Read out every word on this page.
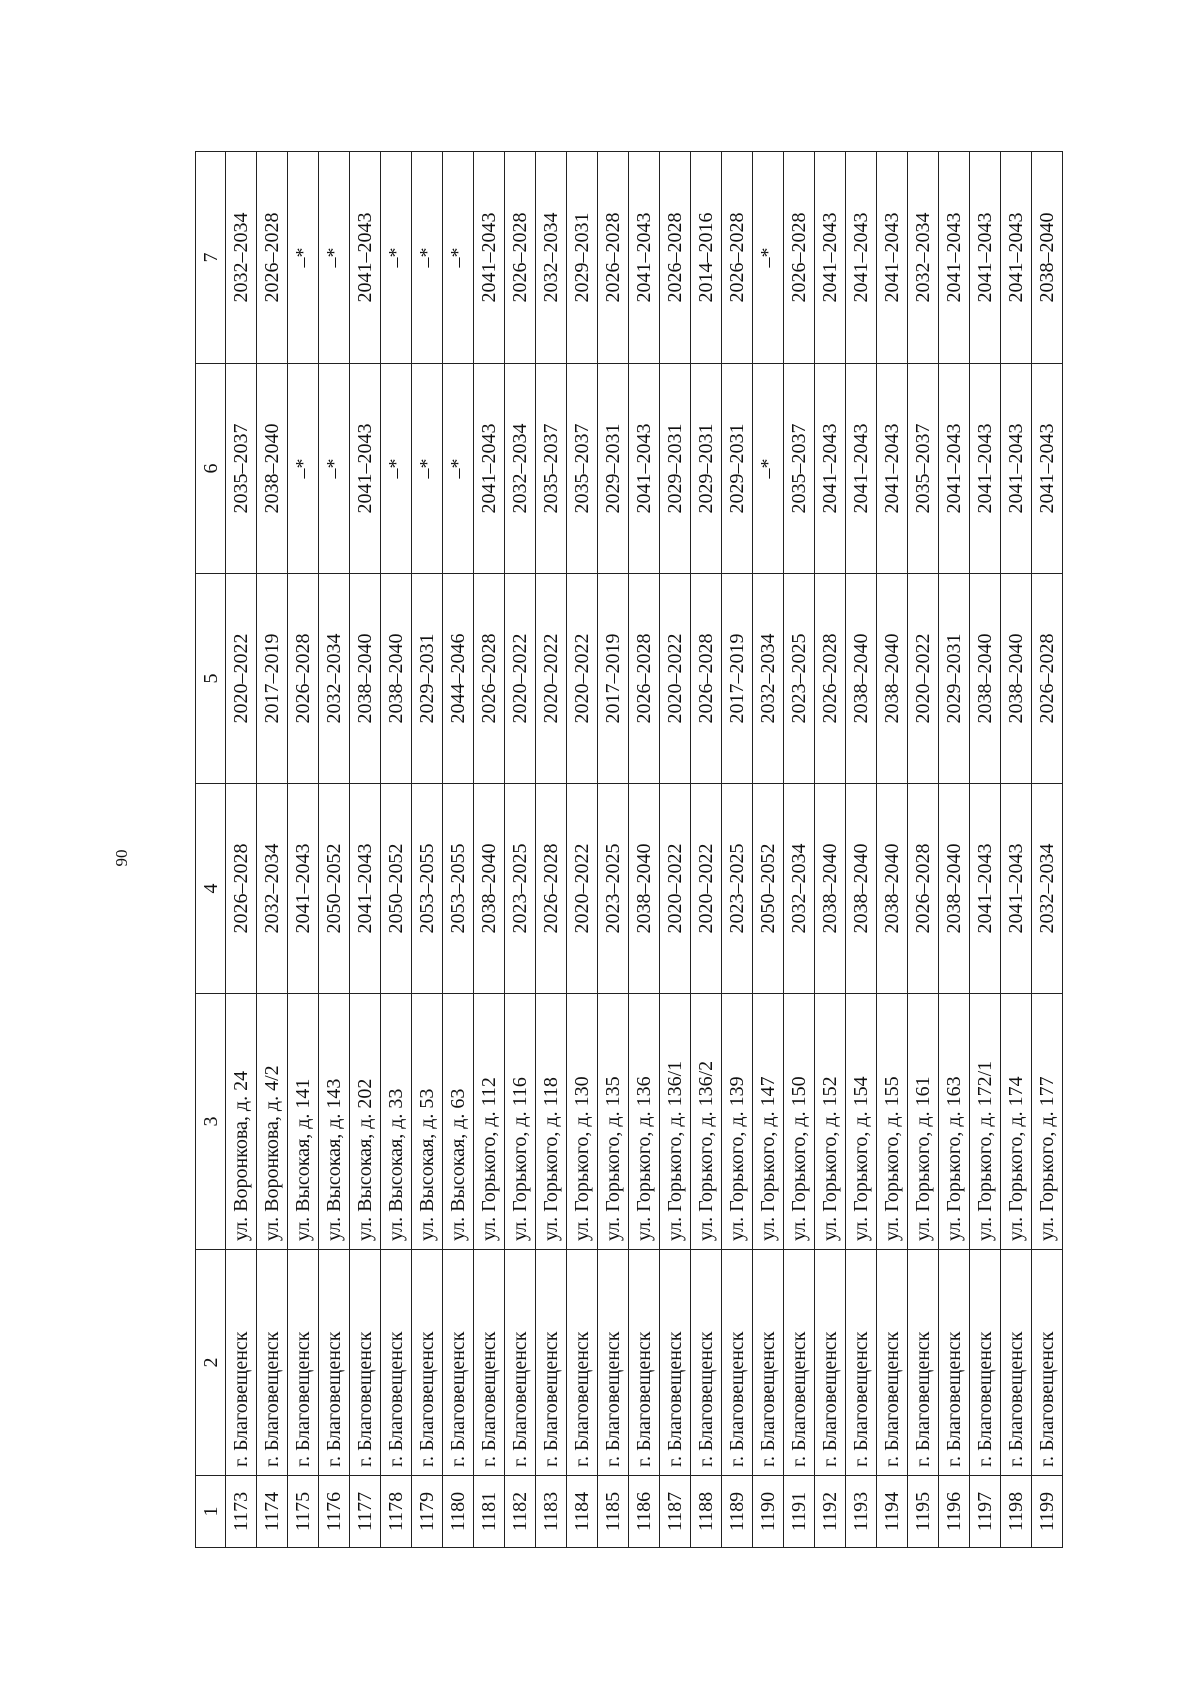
90
1	2	3	4	5	6	7
1173	г. Благовещенск	ул. Воронкова, д. 24	2026–2028	2020–2022	2035–2037	2032–2034
1174	г. Благовещенск	ул. Воронкова, д. 4/2	2032–2034	2017–2019	2038–2040	2026–2028
1175	г. Благовещенск	ул. Высокая, д. 141	2041–2043	2026–2028	–*	–*
1176	г. Благовещенск	ул. Высокая, д. 143	2050–2052	2032–2034	–*	–*
1177	г. Благовещенск	ул. Высокая, д. 202	2041–2043	2038–2040	2041–2043	2041–2043
1178	г. Благовещенск	ул. Высокая, д. 33	2050–2052	2038–2040	–*	–*
1179	г. Благовещенск	ул. Высокая, д. 53	2053–2055	2029–2031	–*	–*
1180	г. Благовещенск	ул. Высокая, д. 63	2053–2055	2044–2046	–*	–*
1181	г. Благовещенск	ул. Горького, д. 112	2038–2040	2026–2028	2041–2043	2041–2043
1182	г. Благовещенск	ул. Горького, д. 116	2023–2025	2020–2022	2032–2034	2026–2028
1183	г. Благовещенск	ул. Горького, д. 118	2026–2028	2020–2022	2035–2037	2032–2034
1184	г. Благовещенск	ул. Горького, д. 130	2020–2022	2020–2022	2035–2037	2029–2031
1185	г. Благовещенск	ул. Горького, д. 135	2023–2025	2017–2019	2029–2031	2026–2028
1186	г. Благовещенск	ул. Горького, д. 136	2038–2040	2026–2028	2041–2043	2041–2043
1187	г. Благовещенск	ул. Горького, д. 136/1	2020–2022	2020–2022	2029–2031	2026–2028
1188	г. Благовещенск	ул. Горького, д. 136/2	2020–2022	2026–2028	2029–2031	2014–2016
1189	г. Благовещенск	ул. Горького, д. 139	2023–2025	2017–2019	2029–2031	2026–2028
1190	г. Благовещенск	ул. Горького, д. 147	2050–2052	2032–2034	–*	–*
1191	г. Благовещенск	ул. Горького, д. 150	2032–2034	2023–2025	2035–2037	2026–2028
1192	г. Благовещенск	ул. Горького, д. 152	2038–2040	2026–2028	2041–2043	2041–2043
1193	г. Благовещенск	ул. Горького, д. 154	2038–2040	2038–2040	2041–2043	2041–2043
1194	г. Благовещенск	ул. Горького, д. 155	2038–2040	2038–2040	2041–2043	2041–2043
1195	г. Благовещенск	ул. Горького, д. 161	2026–2028	2020–2022	2035–2037	2032–2034
1196	г. Благовещенск	ул. Горького, д. 163	2038–2040	2029–2031	2041–2043	2041–2043
1197	г. Благовещенск	ул. Горького, д. 172/1	2041–2043	2038–2040	2041–2043	2041–2043
1198	г. Благовещенск	ул. Горького, д. 174	2041–2043	2038–2040	2041–2043	2041–2043
1199	г. Благовещенск	ул. Горького, д. 177	2032–2034	2026–2028	2041–2043	2038–2040
